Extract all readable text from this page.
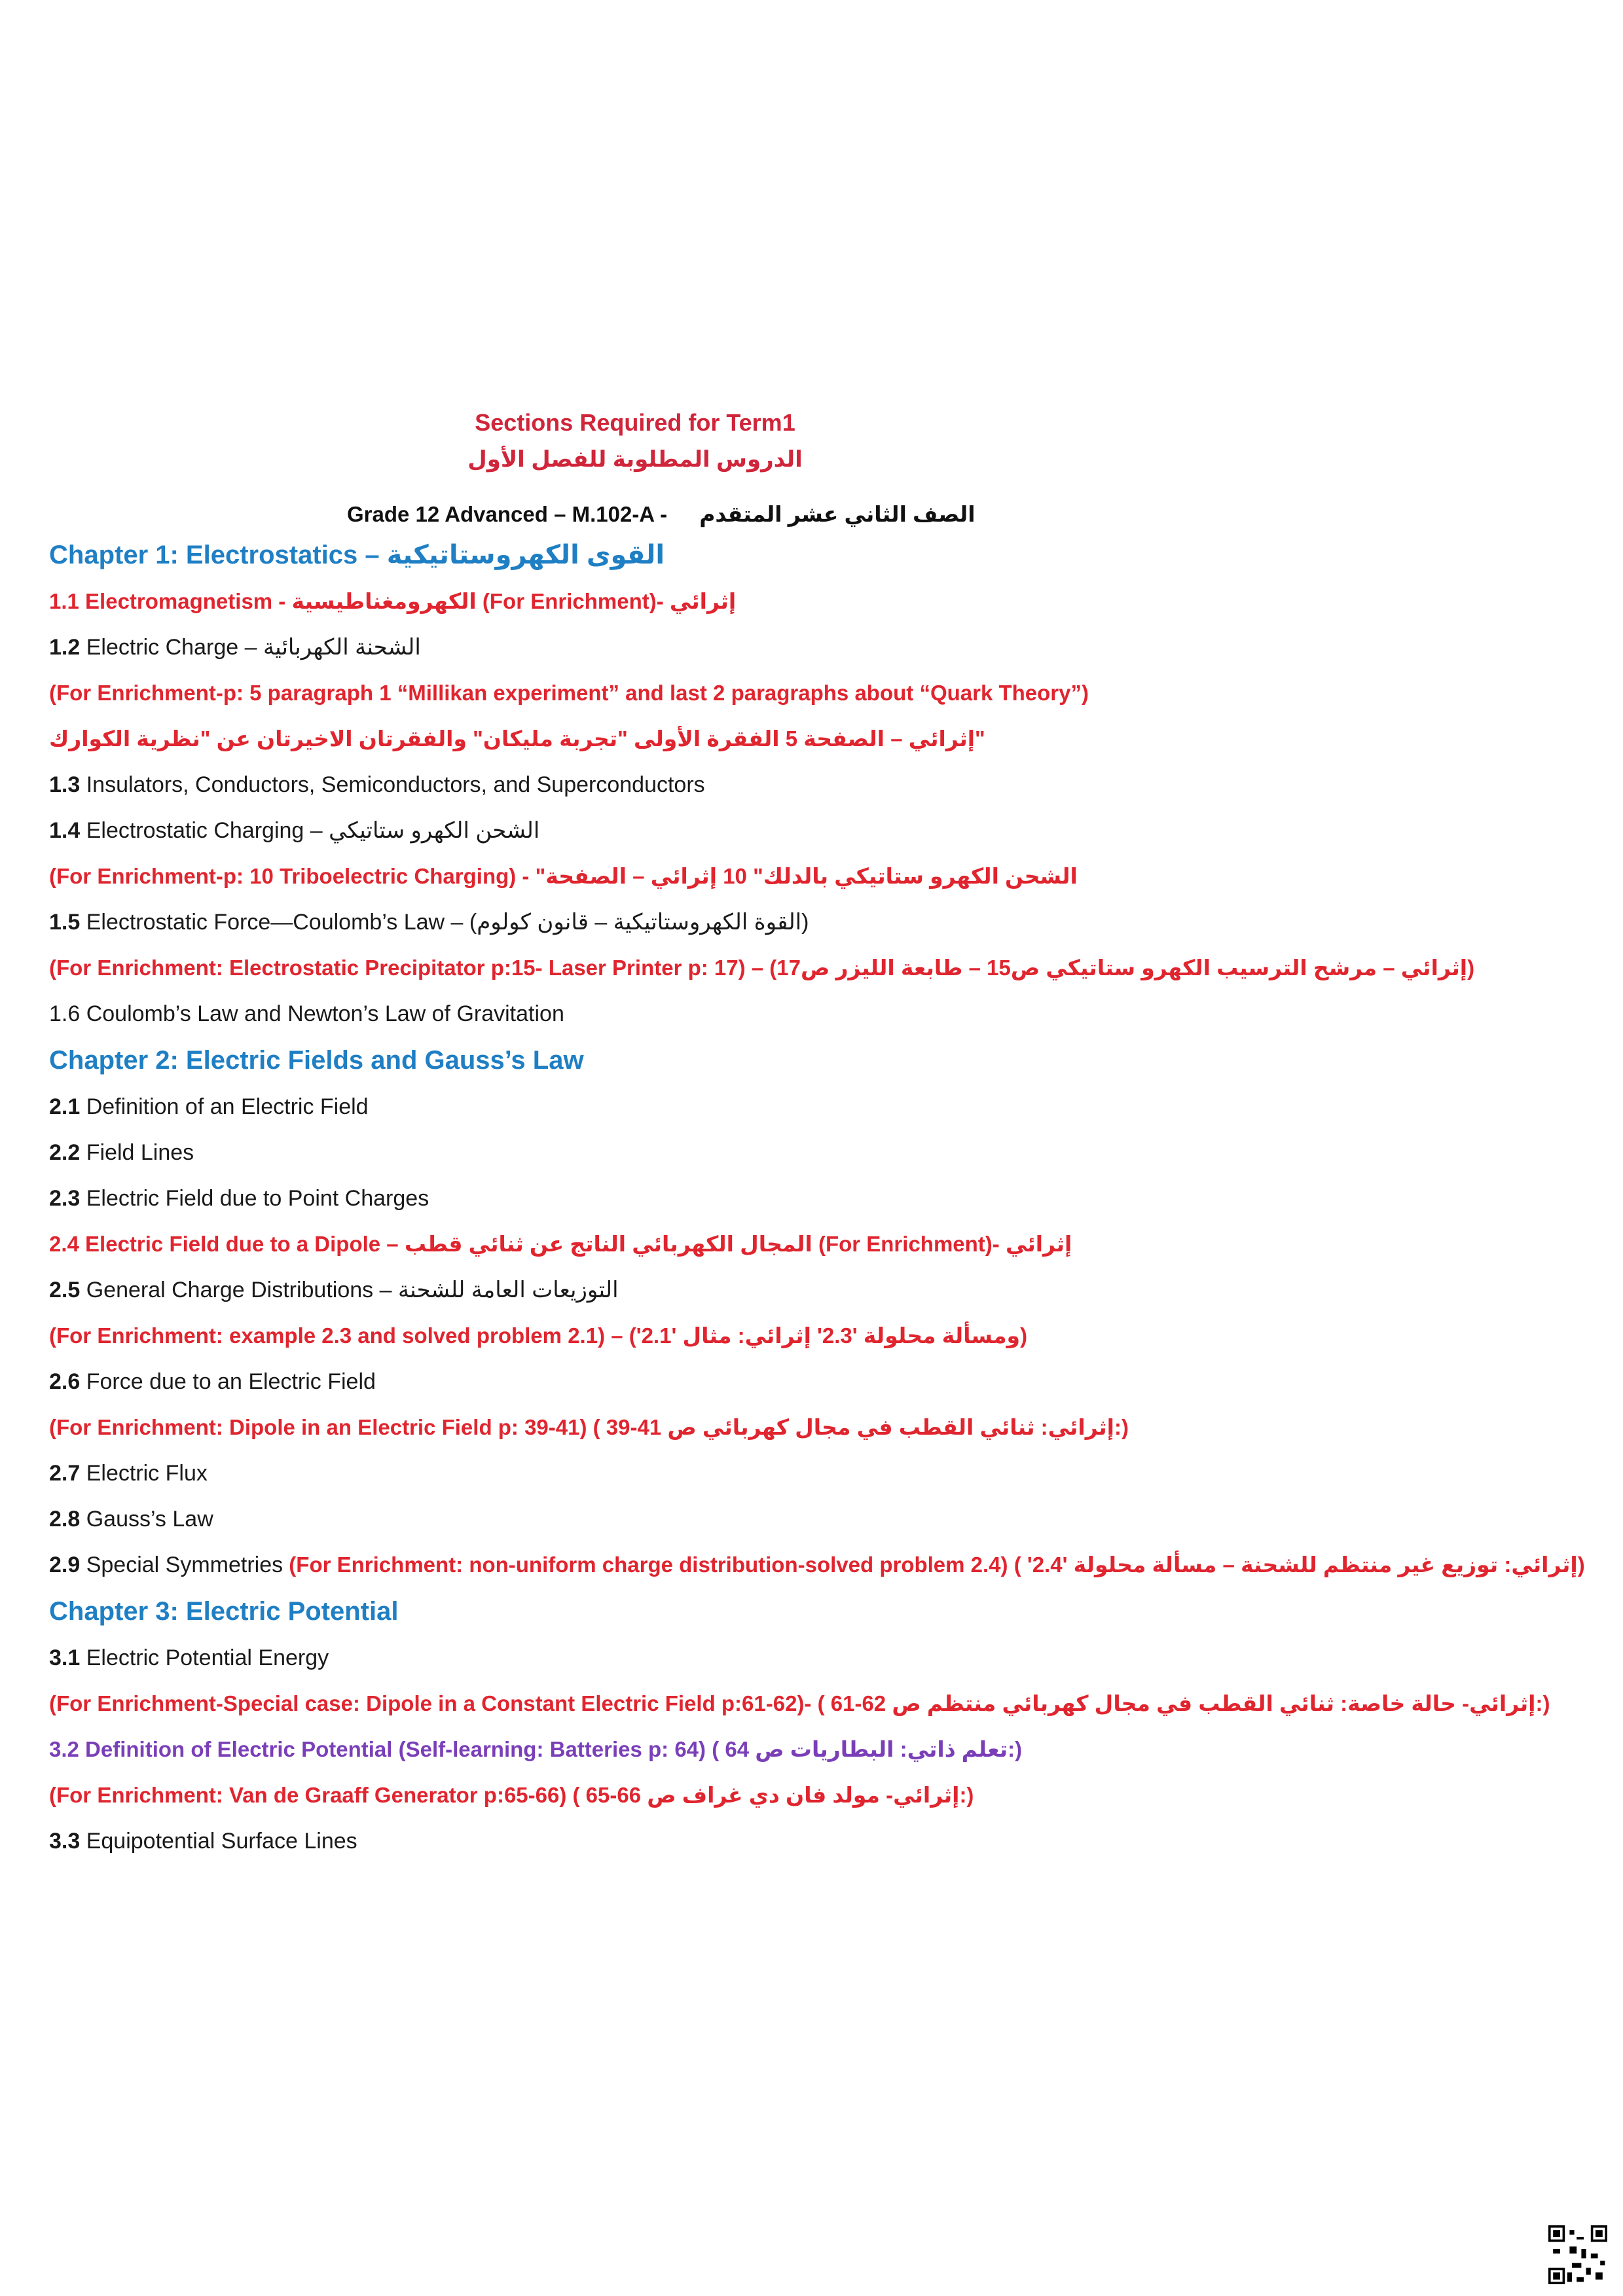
Sections Required for Term1
الدروس المطلوبة للفصل الأول
Grade 12 Advanced – M.102-A - الصف الثاني عشر المتقدم
Chapter 1: Electrostatics – القوى الكهروستاتيكية
1.1 Electromagnetism - الكهرومغناطيسية (For Enrichment)- إثرائي
1.2 Electric Charge – الشحنة الكهربائية
(For Enrichment-p: 5 paragraph 1 “Millikan experiment” and last 2 paragraphs about “Quark Theory”)
إثرائي – الصفحة 5 الفقرة الأولى "تجربة مليكان" والفقرتان الاخيرتان عن "نظرية الكوارك"
1.3 Insulators, Conductors, Semiconductors, and Superconductors
1.4 Electrostatic Charging – الشحن الكهرو ستاتيكي
(For Enrichment-p: 10 Triboelectric Charging) - "الشحن الكهرو ستاتيكي بالدلك" 10 إثرائي – الصفحة
1.5 Electrostatic Force—Coulomb’s Law – (القوة الكهروستاتيكية – قانون كولوم)
(For Enrichment: Electrostatic Precipitator p:15- Laser Printer p: 17) – (إثرائي – مرشح الترسيب الكهرو ستاتيكي ص15 – طابعة الليزر ص17)
1.6 Coulomb’s Law and Newton’s Law of Gravitation
Chapter 2: Electric Fields and Gauss’s Law
2.1 Definition of an Electric Field
2.2 Field Lines
2.3 Electric Field due to Point Charges
2.4 Electric Field due to a Dipole – المجال الكهربائي الناتج عن ثنائي قطب (For Enrichment)- إثرائي
2.5 General Charge Distributions – التوزيعات العامة للشحنة
(For Enrichment: example 2.3 and solved problem 2.1) – ('2.1' ومسألة محلولة '2.3' إثرائي: مثال)
2.6 Force due to an Electric Field
(For Enrichment: Dipole in an Electric Field p: 39-41) ( 39-41 إثرائي: ثنائي القطب في مجال كهربائي ص:)
2.7 Electric Flux
2.8 Gauss’s Law
2.9 Special Symmetries (For Enrichment: non-uniform charge distribution-solved problem 2.4) ( '2.4' إثرائي: توزيع غير منتظم للشحنة – مسألة محلولة)
Chapter 3: Electric Potential
3.1 Electric Potential Energy
(For Enrichment-Special case: Dipole in a Constant Electric Field p:61-62)- ( 61-62 إثرائي- حالة خاصة: ثنائي القطب في مجال كهربائي منتظم ص:)
3.2 Definition of Electric Potential (Self-learning: Batteries p: 64) ( 64 تعلم ذاتي: البطاريات ص:)
(For Enrichment: Van de Graaff Generator p:65-66) ( 65-66 إثرائي- مولد فان دي غراف ص:)
3.3 Equipotential Surface Lines
